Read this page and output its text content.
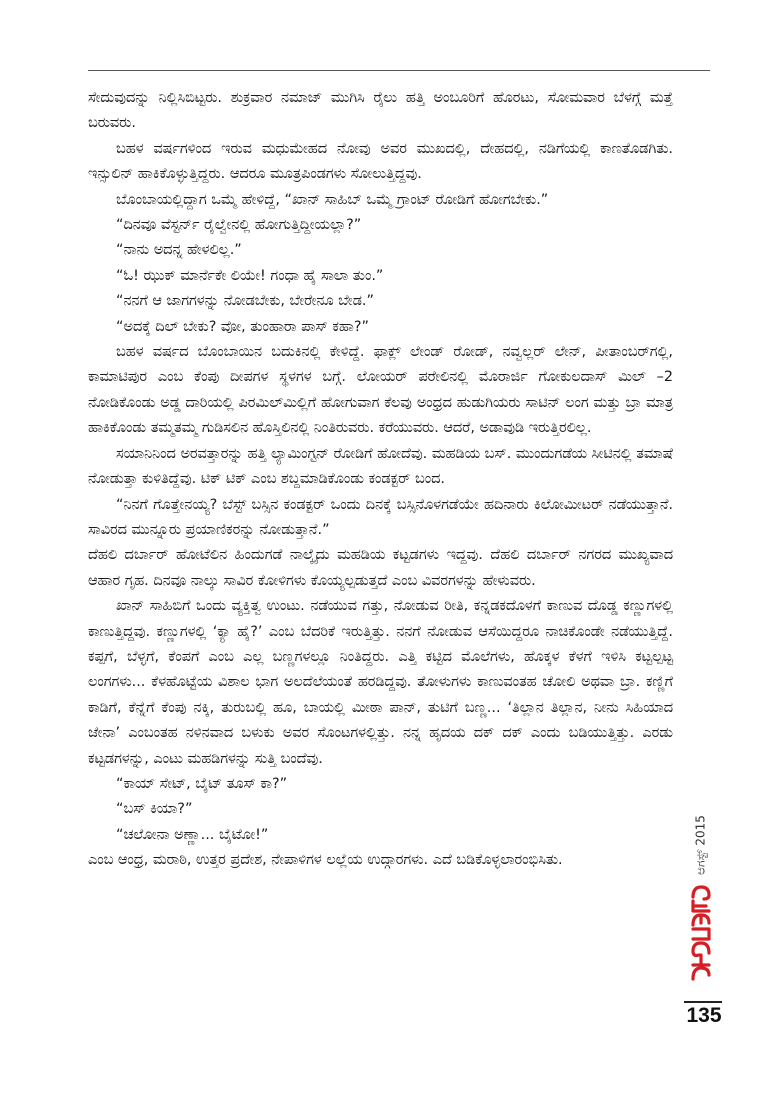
ಸೇದುವುದನ್ನು ನಿಲ್ಲಿಸಿಬಿಟ್ಟರು. ಶುಕ್ರವಾರ ನಮಾಜ್ ಮುಗಿಸಿ ರೈಲು ಹತ್ತಿ ಅಂಬೂರಿಗೆ ಹೊರಟು, ಸೋಮವಾರ ಬೆಳಗ್ಗೆ ಮತ್ತೆ ಬರುವರು.

ಬಹಳ ವರ್ಷಗಳಿಂದ ಇರುವ ಮಧುಮೇಹದ ನೋವು ಅವರ ಮುಖದಲ್ಲಿ, ದೇಹದಲ್ಲಿ, ನಡಿಗೆಯಲ್ಲಿ ಕಾಣತೊಡಗಿತು. ಇನ್ಸುಲಿನ್ ಹಾಕಿಕೊಳ್ಳುತ್ತಿದ್ದರು. ಆದರೂ ಮೂತ್ರಪಿಂಡಗಳು ಸೋಲುತ್ತಿದ್ದವು.

ಬೊಂಬಾಯಲ್ಲಿದ್ದಾಗ ಒಮ್ಮೆ ಹೇಳಿದ್ದೆ, “ಖಾನ್ ಸಾಹಿಬ್ ಒಮ್ಮೆ ಗ್ರಾಂಟ್ ರೋಡಿಗೆ ಹೋಗಬೇಕು.”

“ದಿನವೂ ವೆಸ್ಟರ್ನ್ ರೈಲ್ವೇನಲ್ಲಿ ಹೋಗುತ್ತಿದ್ದೀಯಲ್ಲಾ?”

“ನಾನು ಅದನ್ನ ಹೇಳಲಿಲ್ಲ.”

“ಓ! ಝುಕ್ ಮಾರ್ನೆಕೇ ಲಿಯೇ! ಗಂಧಾ ಹೈ ಸಾಲಾ ತುಂ.”

“ನನಗೆ ಆ ಜಾಗಗಳನ್ನು ನೋಡಬೇಕು, ಬೇರೇನೂ ಬೇಡ.”

“ಅದಕ್ಕೆ ದಿಲ್ ಬೇಕು? ವೋ, ತುಂಹಾರಾ ಪಾಸ್ ಕಹಾ?”

ಬಹಳ ವರ್ಷದ ಬೊಂಬಾಯಿನ ಬದುಕಿನಲ್ಲಿ ಕೇಳಿದ್ದೆ. ಫಾಕ್ಲ್ ಲೇಂಡ್ ರೋಡ್, ನವ್ವಲ್ಲರ್ ಲೇನ್, ಪೀತಾಂಬರ್‌ಗಲ್ಲಿ, ಕಾಮಾಟಿಪುರ ಎಂಬ ಕೆಂಪು ದೀಪಗಳ ಸ್ಥಳಗಳ ಬಗ್ಗೆ. ಲೋಯರ್ ಪರೇಲಿನಲ್ಲಿ ಮೊರಾರ್ಜಿ ಗೋಕುಲದಾಸ್ ಮಿಲ್ –2 ನೋಡಿಕೊಂಡು ಅಡ್ಡ ದಾರಿಯಲ್ಲಿ ಪಿರಮಿಲ್‌ಮಿಲ್ಲಿಗೆ ಹೋಗುವಾಗ ಕೆಲವು ಅಂಧ್ರದ ಹುಡುಗಿಯರು ಸಾಟಿನ್ ಲಂಗ ಮತ್ತು ಬ್ರಾ ಮಾತ್ರ ಹಾಕಿಕೊಂಡು ತಮ್ಮತಮ್ಮ ಗುಡಿಸಲಿನ ಹೊಸ್ತಿಲಿನಲ್ಲಿ ನಿಂತಿರುವರು. ಕರೆಯುವರು. ಆದರೆ, ಅಡಾವುಡಿ ಇರುತ್ತಿರಲಿಲ್ಲ.

ಸಯಾನಿನಿಂದ ಅರವತ್ತಾರನ್ನು ಹತ್ತಿ ಲ್ಯಾಮಿಂಗ್ಟನ್ ರೋಡಿಗೆ ಹೋದೆವು. ಮಹಡಿಯ ಬಸ್. ಮುಂದುಗಡೆಯ ಸೀಟಿನಲ್ಲಿ ತಮಾಷೆ ನೋಡುತ್ತಾ ಕುಳಿತಿದ್ದೆವು. ಟಿಕ್ ಟಿಕ್ ಎಂಬ ಶಬ್ದಮಾಡಿಕೊಂಡು ಕಂಡಕ್ಟರ್ ಬಂದ.

“ನಿನಗೆ ಗೊತ್ತೇನಯ್ಯ? ಬೆಸ್ಟ್ ಬಸ್ಸಿನ ಕಂಡಕ್ಟರ್ ಒಂದು ದಿನಕ್ಕೆ ಬಸ್ಸಿನೊಳಗಡೆಯೇ ಹದಿನಾರು ಕಿಲೋಮೀಟರ್ ನಡೆಯುತ್ತಾನೆ. ಸಾವಿರದ ಮುನ್ನೂರು ಪ್ರಯಾಣಿಕರನ್ನು ನೋಡುತ್ತಾನೆ.”

ದೆಹಲಿ ದರ್ಬಾರ್ ಹೋಟೆಲಿನ ಹಿಂದುಗಡೆ ನಾಲ್ಕೈದು ಮಹಡಿಯ ಕಟ್ಟಡಗಳು ಇದ್ದವು. ದೆಹಲಿ ದರ್ಬಾರ್ ನಗರದ ಮುಖ್ಯವಾದ ಆಹಾರ ಗೃಹ. ದಿನವೂ ನಾಲ್ಕು ಸಾವಿರ ಕೋಳಿಗಳು ಕೊಯ್ಯಲ್ಪಡುತ್ತದೆ ಎಂಬ ವಿವರಗಳನ್ನು ಹೇಳುವರು.

ಖಾನ್ ಸಾಹಿಬಿಗೆ ಒಂದು ವ್ಯಕ್ತಿತ್ವ ಉಂಟು. ನಡೆಯುವ ಗತ್ತು, ನೋಡುವ ರೀತಿ, ಕನ್ನಡಕದೊಳಗೆ ಕಾಣುವ ದೊಡ್ಡ ಕಣ್ಣುಗಳಲ್ಲಿ ಕಾಣುತ್ತಿದ್ದವು. ಕಣ್ಣುಗಳಲ್ಲಿ ‘ಕ್ಯಾ ಹೈ?’ ಎಂಬ ಬೆದರಿಕೆ ಇರುತ್ತಿತ್ತು. ನನಗೆ ನೋಡುವ ಆಸೆಯಿದ್ದರೂ ನಾಚಿಕೊಂಡೇ ನಡೆಯುತ್ತಿದ್ದೆ. ಕಪ್ಪಗೆ, ಬೆಳ್ಳಗೆ, ಕೆಂಪಗೆ ಎಂಬ ಎಲ್ಲ ಬಣ್ಣಗಳಲ್ಲೂ ನಿಂತಿದ್ದರು. ಎತ್ತಿ ಕಟ್ಟಿದ ಮೊಲೆಗಳು, ಹೊಕ್ಕಳ ಕೆಳಗೆ ಇಳಿಸಿ ಕಟ್ಟಲ್ಪಟ್ಟ ಲಂಗಗಳು... ಕೆಳಹೊಟ್ಟೆಯ ವಿಶಾಲ ಭಾಗ ಅಲದೆಲೆಯಂತೆ ಹರಡಿದ್ದವು. ತೋಳುಗಳು ಕಾಣುವಂತಹ ಚೋಲಿ ಅಥವಾ ಬ್ರಾ. ಕಣ್ಣಿಗೆ ಕಾಡಿಗೆ, ಕೆನ್ನೆಗೆ ಕೆಂಪು ನಕ್ಕಿ, ತುರುಬಲ್ಲಿ ಹೂ, ಬಾಯಲ್ಲಿ ಮೀಠಾ ಪಾನ್, ತುಟಿಗೆ ಬಣ್ಣ... ‘ತಿಲ್ಲಾನ ತಿಲ್ಲಾನ, ನೀನು ಸಿಹಿಯಾದ ಜೇನಾ’ ಎಂಬಂತಹ ನಳಿನವಾದ ಬಳುಕು ಅವರ ಸೊಂಟಗಳಲ್ಲಿತ್ತು. ನನ್ನ ಹೃದಯ ದಕ್ ದಕ್ ಎಂದು ಬಡಿಯುತ್ತಿತ್ತು. ಎರಡು ಕಟ್ಟಡಗಳನ್ನು, ಎಂಟು ಮಹಡಿಗಳನ್ನು ಸುತ್ತಿ ಬಂದೆವು.

“ಕಾಯ್ ಸೇಟ್, ಬೈಟ್ ತೂಸ್ ಕಾ?”

“ಬಸ್ ಕಿಯಾ?”

“ಚಲೋನಾ ಅಣ್ಣಾ... ಬೈಟೋ!”

ಎಂಬ ಆಂಧ್ರ, ಮರಾಠಿ, ಉತ್ತರ ಪ್ರದೇಶ, ನೇಪಾಳಿಗಳ ಲಲ್ಲೆಯ ಉದ್ಗಾರಗಳು. ಎದೆ ಬಡಿಕೊಳ್ಳಲಾರಂಭಿಸಿತು.	ಆಗಸ್ಟ್ 2015
135
